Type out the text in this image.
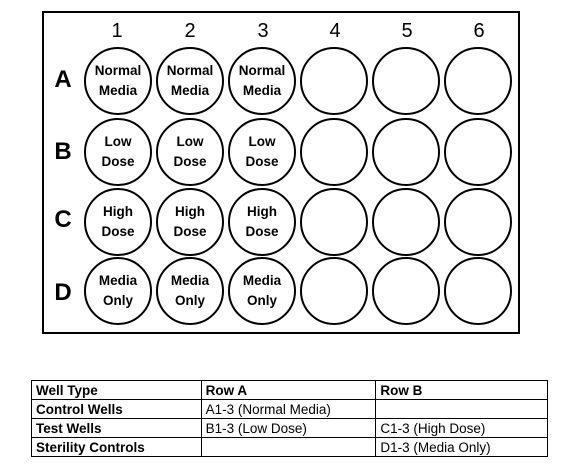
1	2	3	4	5	6
A
B
C
D
Normal
Media
Normal
Media
Normal
Media
Low
Dose
Low
Dose
Low
Dose
High
Dose
High
Dose
High
Dose
Media
Only
Media
Only
Media
Only
Well Type	Row A	Row B
Control Wells	A1-3 (Normal Media)	
Test Wells	B1-3 (Low Dose)	C1-3 (High Dose)
Sterility Controls		D1-3 (Media Only)
